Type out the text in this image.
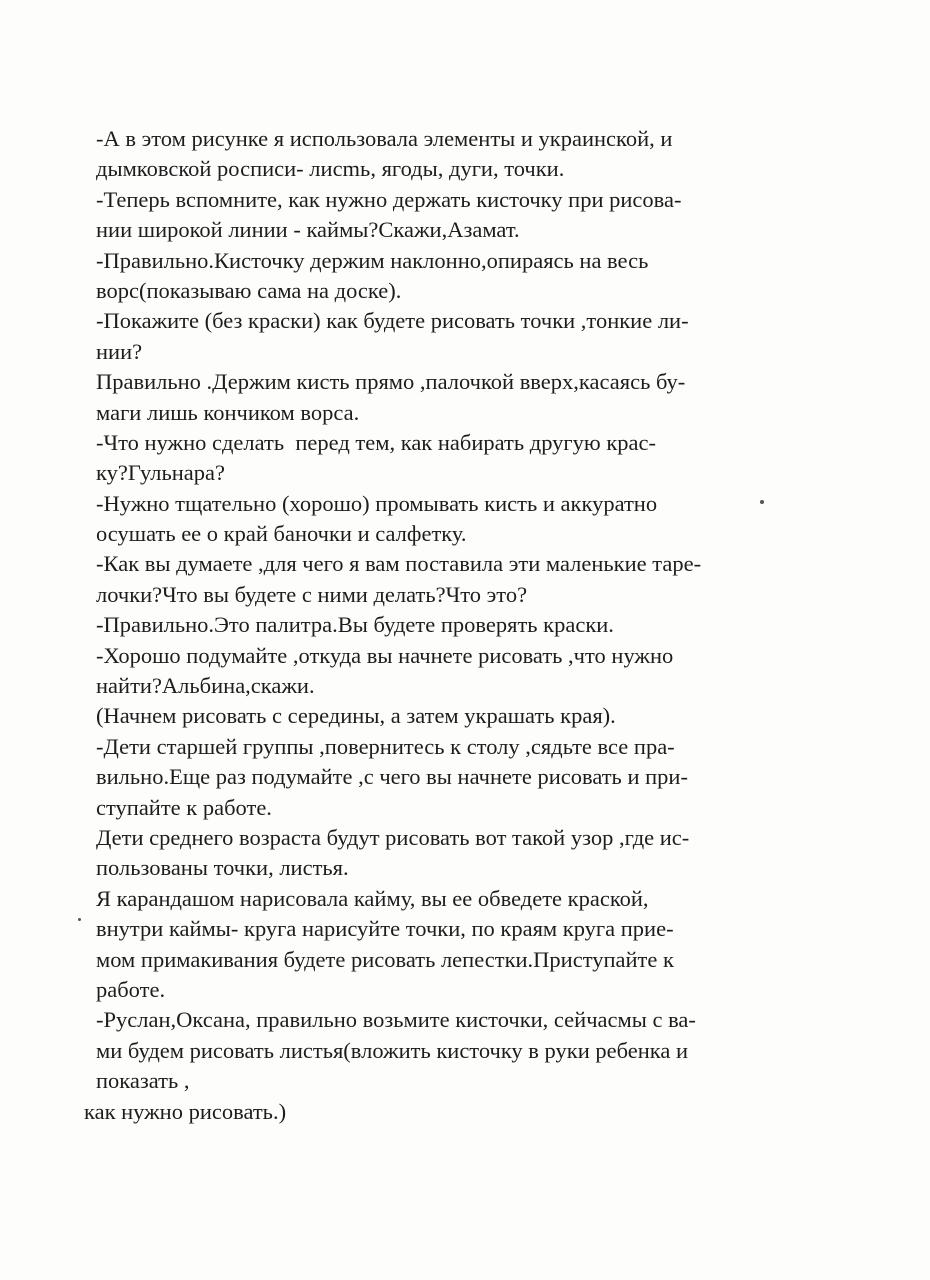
-А в этом рисунке я использовала элементы и украинской, и
дымковской росписи- лисmь, ягоды, дуги, точки.
-Теперь вспомните, как нужно держать кисточку при рисова-
нии широкой линии - каймы?Скажи,Азамат.
-Правильно.Кисточку держим наклонно,опираясь на весь
ворс(показываю сама на доске).
-Покажите (без краски) как будете рисовать точки ,тонкие ли-
нии?
Правильно .Держим кисть прямо ,палочкой вверх,касаясь бу-
маги лишь кончиком ворса.
-Что нужно сделать  перед тем, как набирать другую крас-
ку?Гульнара?
-Нужно тщательно (хорошо) промывать кисть и аккуратно
осушать ее о край баночки и салфетку.
-Как вы думаете ,для чего я вам поставила эти маленькие таре-
лочки?Что вы будете с ними делать?Что это?
-Правильно.Это палитра.Вы будете проверять краски.
-Хорошо подумайте ,откуда вы начнете рисовать ,что нужно
найти?Альбина,скажи.
(Начнем рисовать с середины, а затем украшать края).
-Дети старшей группы ,повернитесь к столу ,сядьте все пра-
вильно.Еще раз подумайте ,с чего вы начнете рисовать и при-
ступайте к работе.
Дети среднего возраста будут рисовать вот такой узор ,где ис-
пользованы точки, листья.
Я карандашом нарисовала кайму, вы ее обведете краской,
внутри каймы- круга нарисуйте точки, по краям круга прие-
мом примакивания будете рисовать лепестки.Приступайте к
работе.
-Руслан,Оксана, правильно возьмите кисточки, сейчасмы с ва-
ми будем рисовать листья(вложить кисточку в руки ребенка и
показать ,
как нужно рисовать.)
